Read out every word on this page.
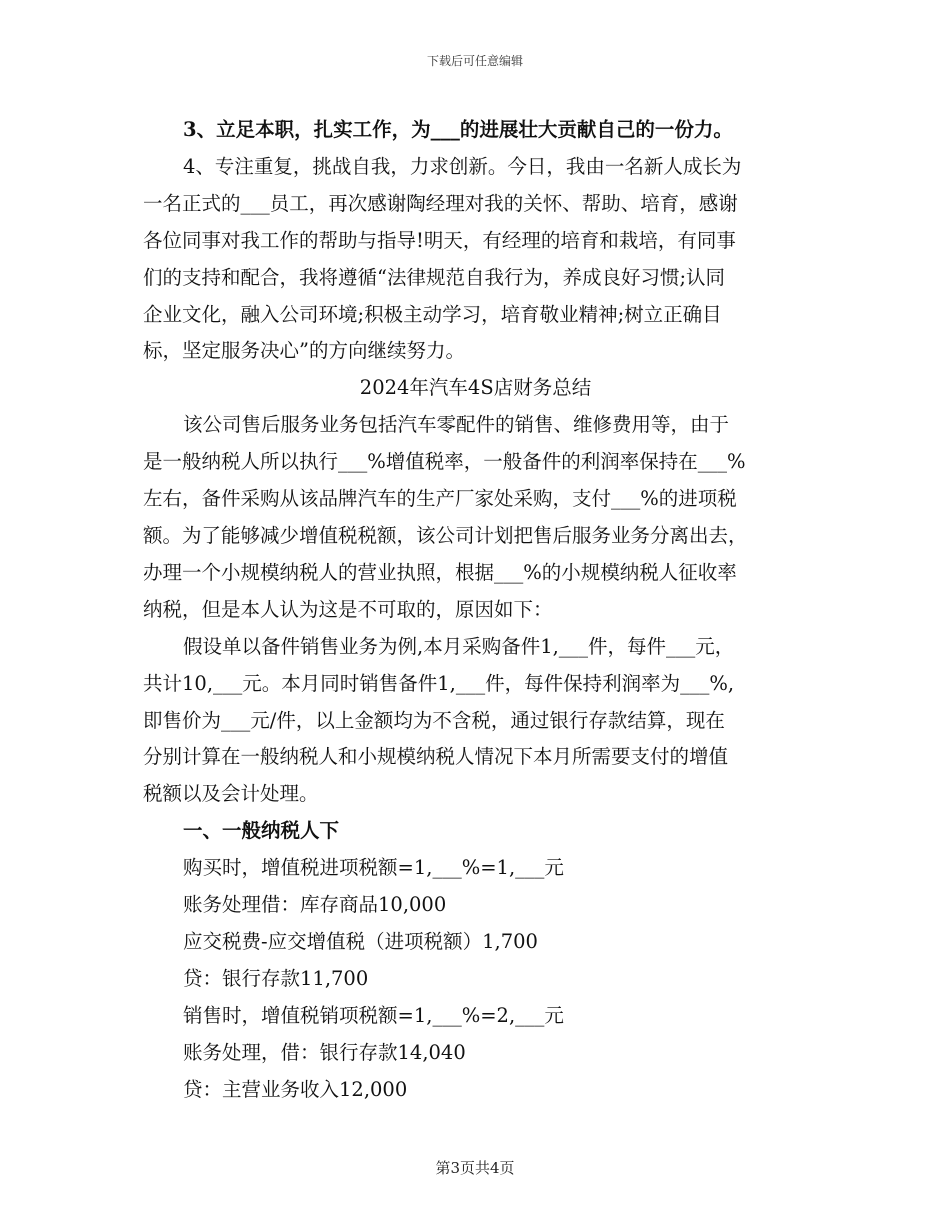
下载后可任意编辑

3、立足本职，扎实工作，为___的进展壮大贡献自己的一份力。

4、专注重复，挑战自我，力求创新。今日，我由一名新人成长为

一名正式的___员工，再次感谢陶经理对我的关怀、帮助、培育，感谢

各位同事对我工作的帮助与指导!明天，有经理的培育和栽培，有同事

们的支持和配合，我将遵循“法律规范自我行为，养成良好习惯;认同

企业文化，融入公司环境;积极主动学习，培育敬业精神;树立正确目

标，坚定服务决心”的方向继续努力。

2024年汽车4S店财务总结

该公司售后服务业务包括汽车零配件的销售、维修费用等，由于

是一般纳税人所以执行___%增值税率，一般备件的利润率保持在___%

左右，备件采购从该品牌汽车的生产厂家处采购，支付___%的进项税

额。为了能够减少增值税税额，该公司计划把售后服务业务分离出去，

办理一个小规模纳税人的营业执照，根据___%的小规模纳税人征收率

纳税，但是本人认为这是不可取的，原因如下：

假设单以备件销售业务为例,本月采购备件1,___件，每件___元，

共计10,___元。本月同时销售备件1,___件，每件保持利润率为___%,

即售价为___元/件，以上金额均为不含税，通过银行存款结算，现在

分别计算在一般纳税人和小规模纳税人情况下本月所需要支付的增值

税额以及会计处理。

一、一般纳税人下

购买时，增值税进项税额=1,___%=1,___元

账务处理借：库存商品10,000

应交税费-应交增值税（进项税额）1,700

贷：银行存款11,700

销售时，增值税销项税额=1,___%=2,___元

账务处理，借：银行存款14,040

贷：主营业务收入12,000

第3页共4页
